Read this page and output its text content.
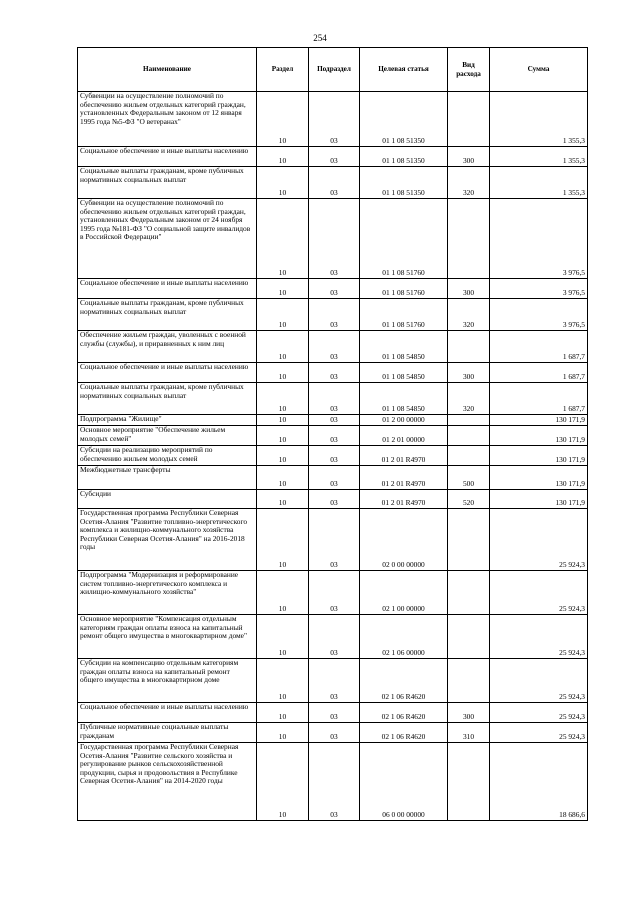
254
Наименование	Раздел	Подраздел	Целевая статья	Вид расхода	Сумма
Субвенции на осуществление полномочий по обеспечению жильем отдельных категорий граждан, установленных Федеральным законом от 12 января 1995 года №5-ФЗ "О ветеранах"	10	03	01 1 08 51350		1 355,3
Социальное обеспечение и иные выплаты населению	10	03	01 1 08 51350	300	1 355,3
Социальные выплаты гражданам, кроме публичных нормативных социальных выплат	10	03	01 1 08 51350	320	1 355,3
Субвенции на осуществление полномочий по обеспечению жильем отдельных категорий граждан, установленных Федеральным законом от 24 ноября 1995 года №181-ФЗ "О социальной защите инвалидов в Российской Федерации"	10	03	01 1 08 51760		3 976,5
Социальное обеспечение и иные выплаты населению	10	03	01 1 08 51760	300	3 976,5
Социальные выплаты гражданам, кроме публичных нормативных социальных выплат	10	03	01 1 08 51760	320	3 976,5
Обеспечение жильем граждан, уволенных с военной службы (службы), и приравненных к ним лиц	10	03	01 1 08 54850		1 687,7
Социальное обеспечение и иные выплаты населению	10	03	01 1 08 54850	300	1 687,7
Социальные выплаты гражданам, кроме публичных нормативных социальных выплат	10	03	01 1 08 54850	320	1 687,7
Подпрограмма "Жилище"	10	03	01 2 00 00000		130 171,9
Основное мероприятие "Обеспечение жильем молодых семей"	10	03	01 2 01 00000		130 171,9
Субсидии на реализацию мероприятий по обеспечению жильем молодых семей	10	03	01 2 01 R4970		130 171,9
Межбюджетные трансферты	10	03	01 2 01 R4970	500	130 171,9
Субсидии	10	03	01 2 01 R4970	520	130 171,9
Государственная программа Республики Северная Осетия-Алания "Развитие топливно-энергетического комплекса и жилищно-коммунального хозяйства Республики Северная Осетия-Алания" на 2016-2018 годы	10	03	02 0 00 00000		25 924,3
Подпрограмма "Модернизация и реформирование систем топливно-энергетического комплекса и жилищно-коммунального хозяйства"	10	03	02 1 00 00000		25 924,3
Основное мероприятие "Компенсация отдельным категориям граждан оплаты взноса на капитальный ремонт общего имущества в многоквартирном доме"	10	03	02 1 06 00000		25 924,3
Субсидии на компенсацию отдельным категориям граждан оплаты взноса на капитальный ремонт общего имущества в многоквартирном доме	10	03	02 1 06 R4620		25 924,3
Социальное обеспечение и иные выплаты населению	10	03	02 1 06 R4620	300	25 924,3
Публичные нормативные социальные выплаты гражданам	10	03	02 1 06 R4620	310	25 924,3
Государственная программа Республики Северная Осетия-Алания "Развитие сельского хозяйства и регулирование рынков сельскохозяйственной продукции, сырья и продовольствия в Республике Северная Осетия-Алания" на 2014-2020 годы	10	03	06 0 00 00000		18 686,6
